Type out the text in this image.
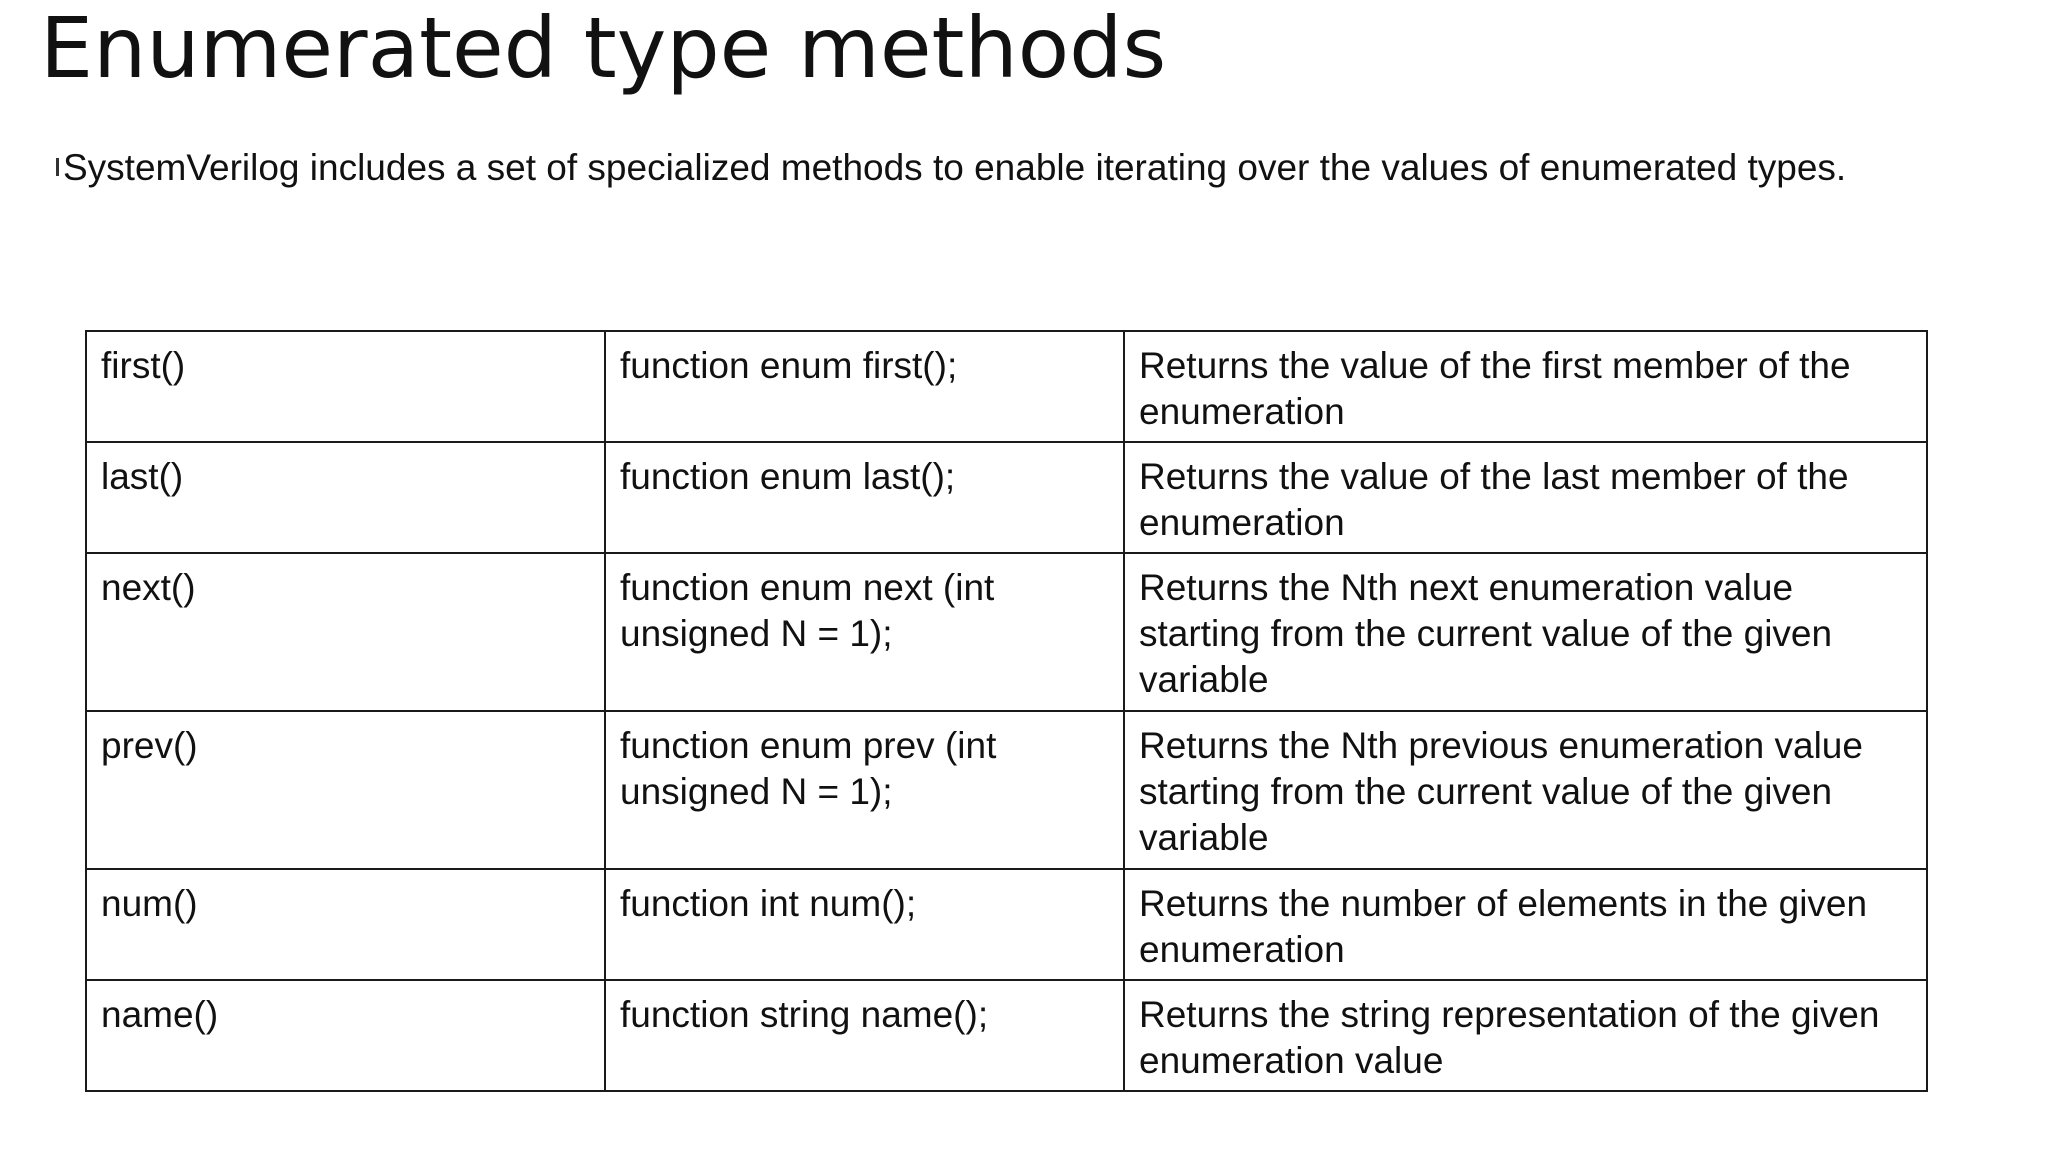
Enumerated type methods

SystemVerilog includes a set of specialized methods to enable iterating over the values of enumerated types.

first()	function enum first();	Returns the value of the first member of the enumeration
last()	function enum last();	Returns the value of the last member of the enumeration
next()	function enum next (int unsigned N = 1);	Returns the Nth next enumeration value starting from the current value of the given variable
prev()	function enum prev (int unsigned N = 1);	Returns the Nth previous enumeration value starting from the current value of the given variable
num()	function int num();	Returns the number of elements in the given enumeration
name()	function string name();	Returns the string representation of the given enumeration value
